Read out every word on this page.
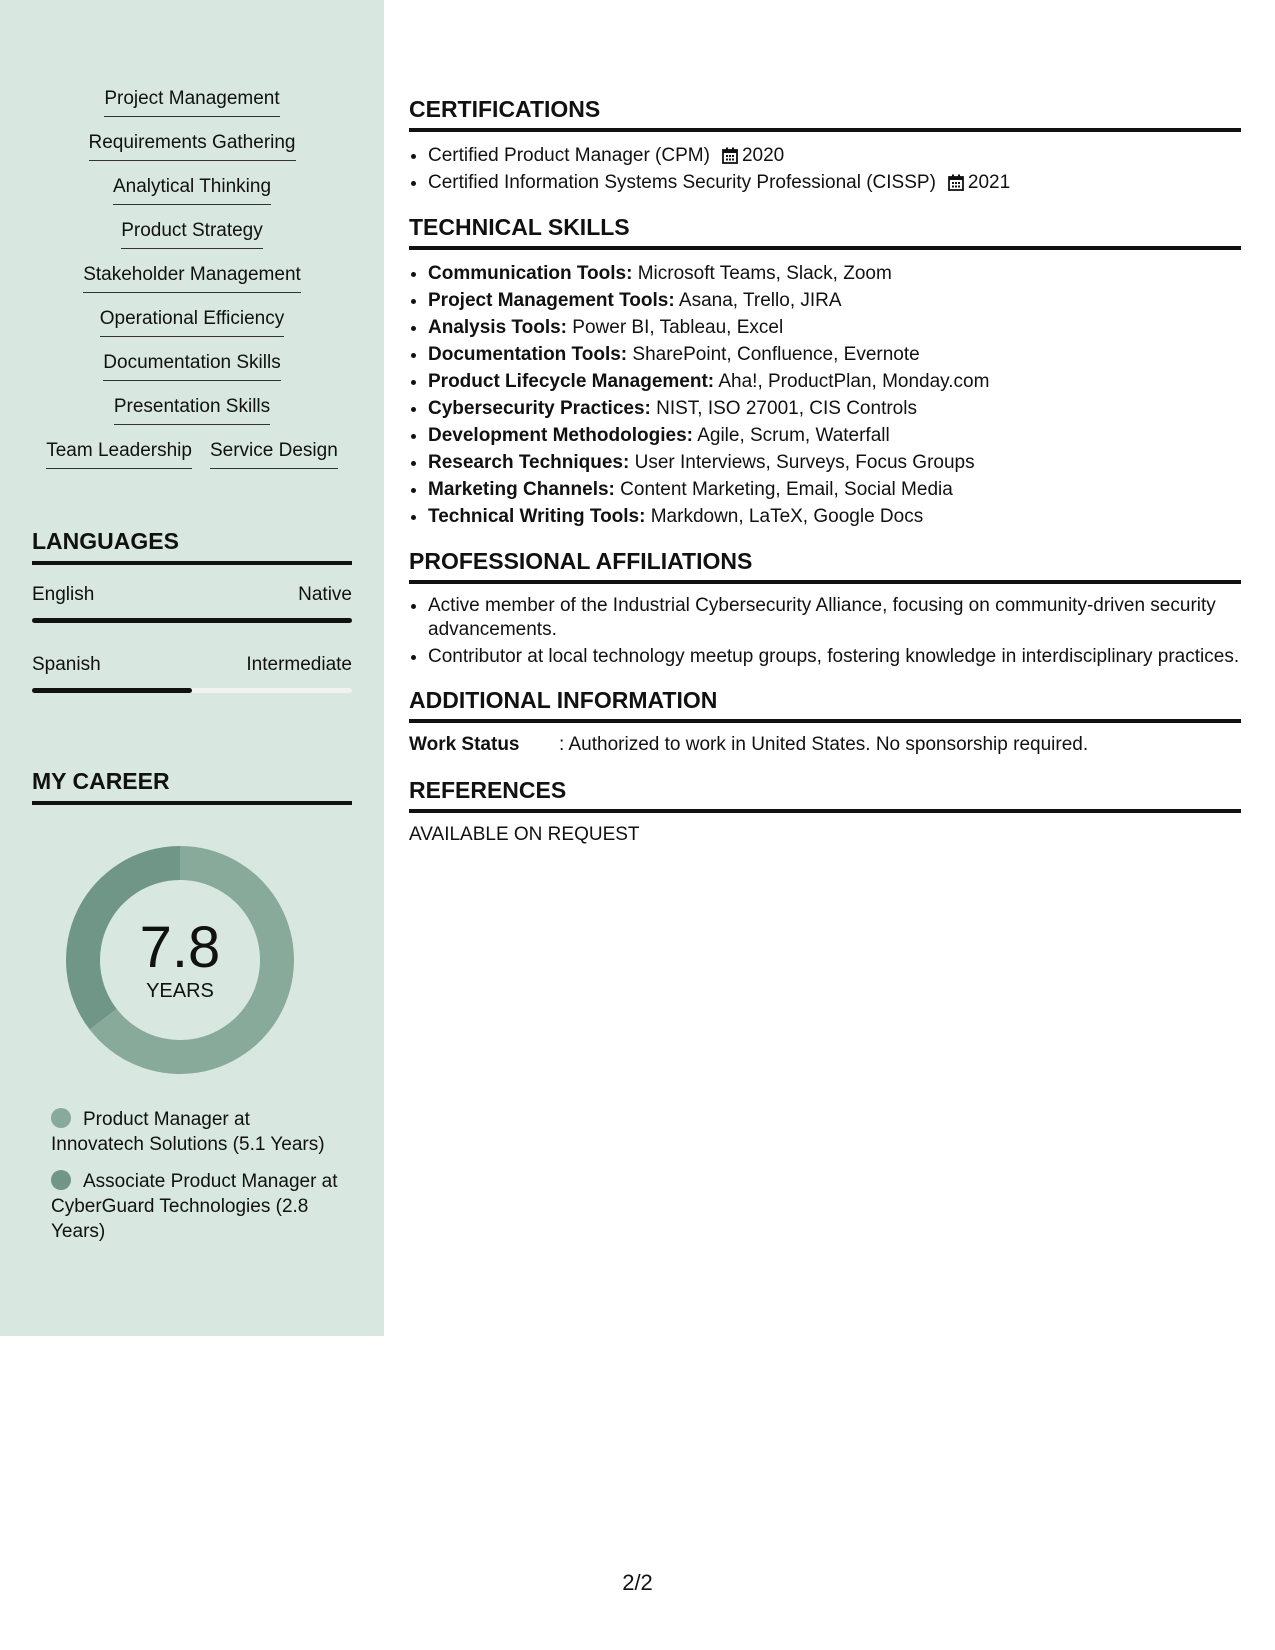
Project Management
Requirements Gathering
Analytical Thinking
Product Strategy
Stakeholder Management
Operational Efficiency
Documentation Skills
Presentation Skills
Team Leadership Service Design
LANGUAGES
English	Native
Spanish	Intermediate
MY CAREER
7.8
YEARS
Product Manager at Innovatech Solutions (5.1 Years)
Associate Product Manager at CyberGuard Technologies (2.8 Years)
CERTIFICATIONS
• Certified Product Manager (CPM) 2020
• Certified Information Systems Security Professional (CISSP) 2021
TECHNICAL SKILLS
• Communication Tools: Microsoft Teams, Slack, Zoom
• Project Management Tools: Asana, Trello, JIRA
• Analysis Tools: Power BI, Tableau, Excel
• Documentation Tools: SharePoint, Confluence, Evernote
• Product Lifecycle Management: Aha!, ProductPlan, Monday.com
• Cybersecurity Practices: NIST, ISO 27001, CIS Controls
• Development Methodologies: Agile, Scrum, Waterfall
• Research Techniques: User Interviews, Surveys, Focus Groups
• Marketing Channels: Content Marketing, Email, Social Media
• Technical Writing Tools: Markdown, LaTeX, Google Docs
PROFESSIONAL AFFILIATIONS
• Active member of the Industrial Cybersecurity Alliance, focusing on community-driven security advancements.
• Contributor at local technology meetup groups, fostering knowledge in interdisciplinary practices.
ADDITIONAL INFORMATION
Work Status	: Authorized to work in United States. No sponsorship required.
REFERENCES
AVAILABLE ON REQUEST
2/2
